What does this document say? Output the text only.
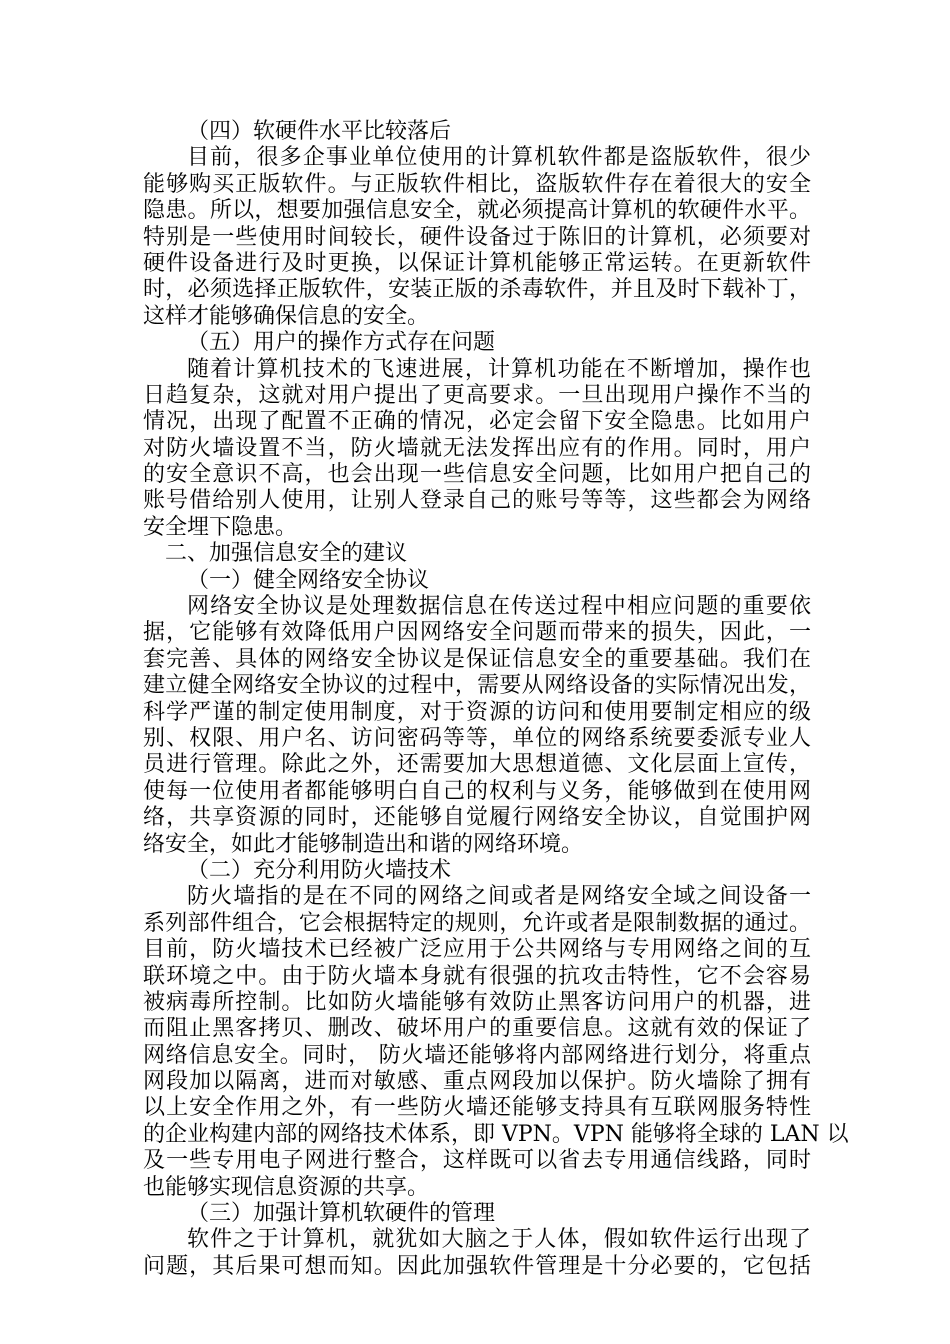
（四）软硬件水平比较落后
目前，很多企事业单位使用的计算机软件都是盗版软件，很少
能够购买正版软件。与正版软件相比，盗版软件存在着很大的安全
隐患。所以，想要加强信息安全，就必须提高计算机的软硬件水平。
特别是一些使用时间较长，硬件设备过于陈旧的计算机，必须要对
硬件设备进行及时更换，以保证计算机能够正常运转。在更新软件
时，必须选择正版软件，安装正版的杀毒软件，并且及时下载补丁，
这样才能够确保信息的安全。
（五）用户的操作方式存在问题
随着计算机技术的飞速进展，计算机功能在不断增加，操作也
日趋复杂，这就对用户提出了更高要求。一旦出现用户操作不当的
情况，出现了配置不正确的情况，必定会留下安全隐患。比如用户
对防火墙设置不当，防火墙就无法发挥出应有的作用。同时，用户
的安全意识不高，也会出现一些信息安全问题，比如用户把自己的
账号借给别人使用，让别人登录自己的账号等等，这些都会为网络
安全埋下隐患。
二、加强信息安全的建议
（一）健全网络安全协议
网络安全协议是处理数据信息在传送过程中相应问题的重要依
据，它能够有效降低用户因网络安全问题而带来的损失，因此，一
套完善、具体的网络安全协议是保证信息安全的重要基础。我们在
建立健全网络安全协议的过程中，需要从网络设备的实际情况出发，
科学严谨的制定使用制度，对于资源的访问和使用要制定相应的级
别、权限、用户名、访问密码等等，单位的网络系统要委派专业人
员进行管理。除此之外，还需要加大思想道德、文化层面上宣传，
使每一位使用者都能够明白自己的权利与义务，能够做到在使用网
络，共享资源的同时，还能够自觉履行网络安全协议，自觉围护网
络安全，如此才能够制造出和谐的网络环境。
（二）充分利用防火墙技术
防火墙指的是在不同的网络之间或者是网络安全域之间设备一
系列部件组合，它会根据特定的规则，允许或者是限制数据的通过。
目前，防火墙技术已经被广泛应用于公共网络与专用网络之间的互
联环境之中。由于防火墙本身就有很强的抗攻击特性，它不会容易
被病毒所控制。比如防火墙能够有效防止黑客访问用户的机器，进
而阻止黑客拷贝、删改、破坏用户的重要信息。这就有效的保证了
网络信息安全。同时， 防火墙还能够将内部网络进行划分，将重点
网段加以隔离，进而对敏感、重点网段加以保护。防火墙除了拥有
以上安全作用之外，有一些防火墙还能够支持具有互联网服务特性
的企业构建内部的网络技术体系，即 VPN。VPN 能够将全球的 LAN 以
及一些专用电子网进行整合，这样既可以省去专用通信线路，同时
也能够实现信息资源的共享。
（三）加强计算机软硬件的管理
软件之于计算机，就犹如大脑之于人体，假如软件运行出现了
问题，其后果可想而知。因此加强软件管理是十分必要的，它包括
